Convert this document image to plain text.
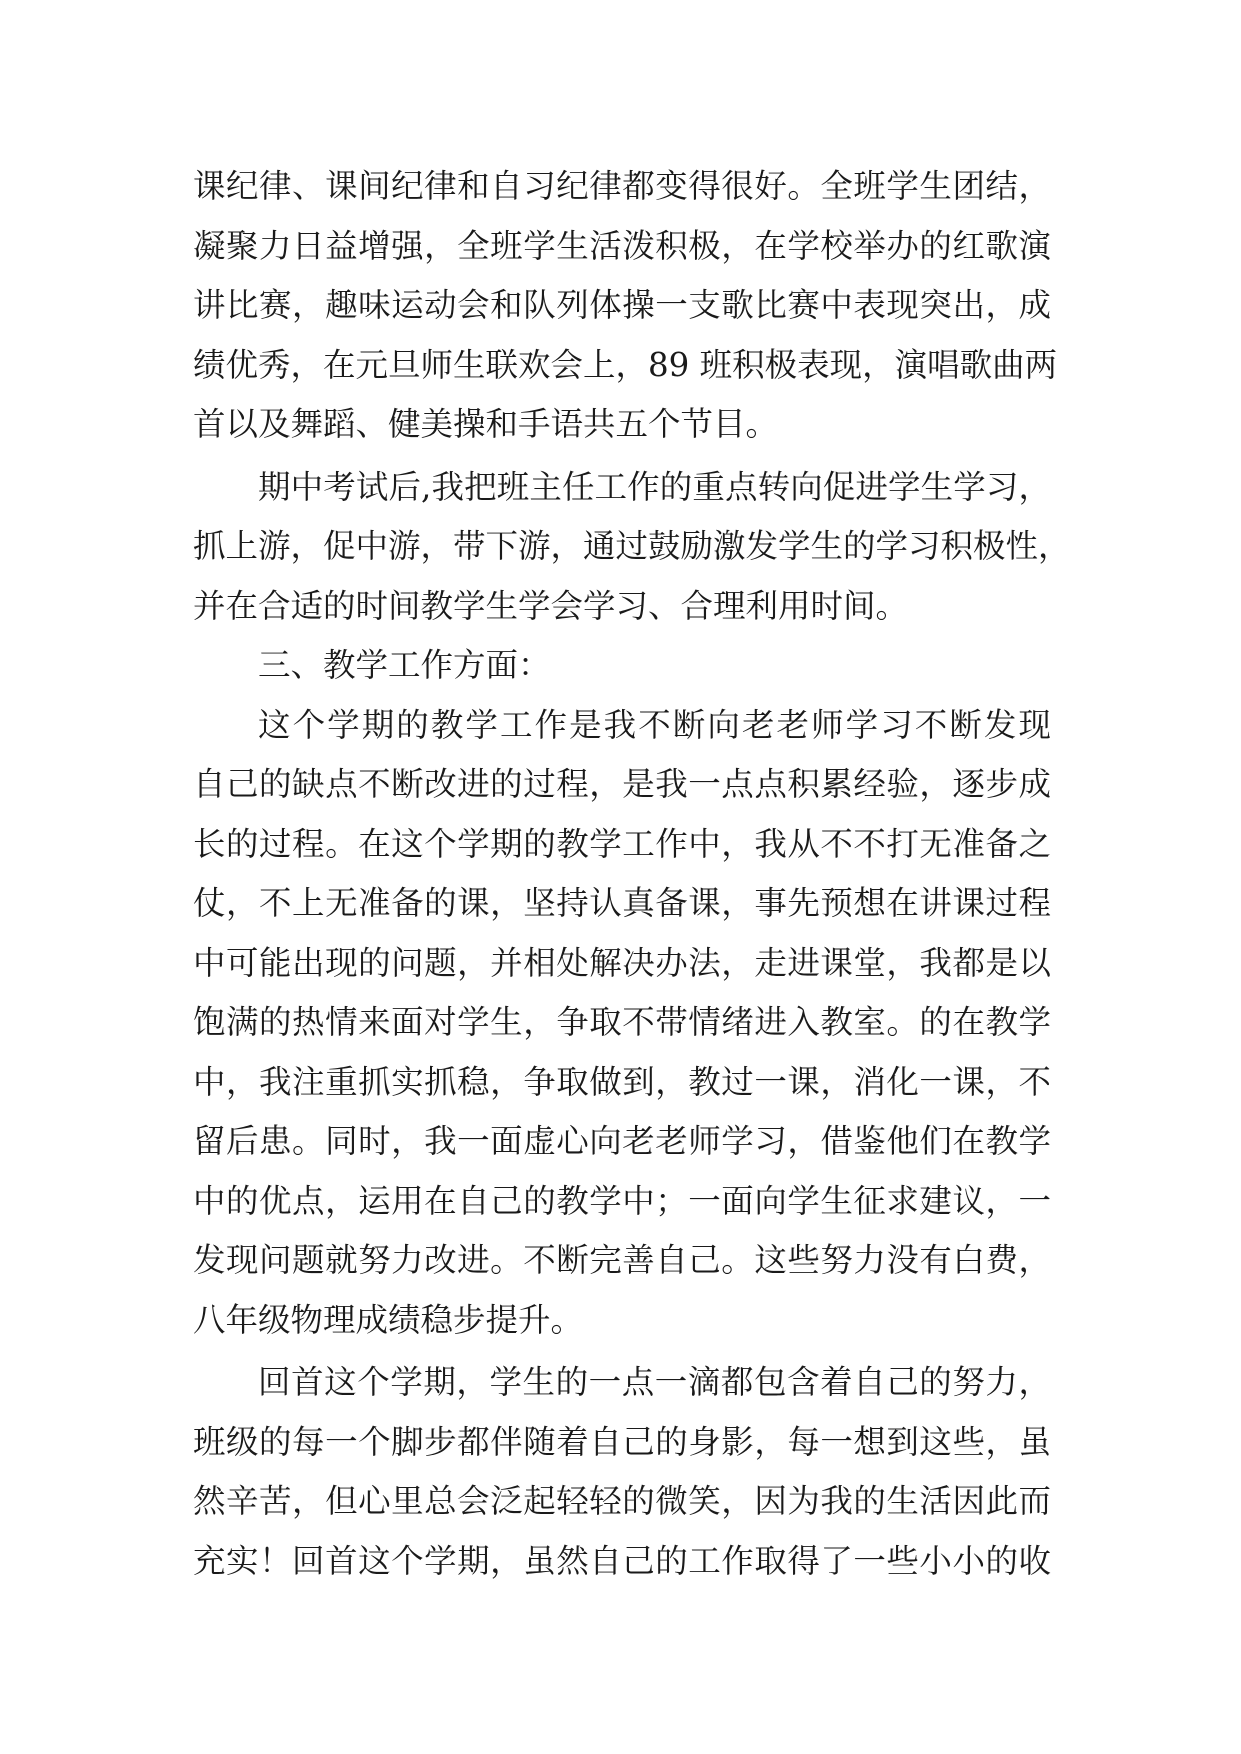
课纪律、课间纪律和自习纪律都变得很好。全班学生团结，
凝聚力日益增强，全班学生活泼积极，在学校举办的红歌演
讲比赛，趣味运动会和队列体操一支歌比赛中表现突出，成
绩优秀，在元旦师生联欢会上，89 班积极表现，演唱歌曲两
首以及舞蹈、健美操和手语共五个节目。
期中考试后,我把班主任工作的重点转向促进学生学习，
抓上游，促中游，带下游，通过鼓励激发学生的学习积极性，
并在合适的时间教学生学会学习、合理利用时间。
三、教学工作方面：
这个学期的教学工作是我不断向老老师学习不断发现
自己的缺点不断改进的过程，是我一点点积累经验，逐步成
长的过程。在这个学期的教学工作中，我从不不打无准备之
仗，不上无准备的课，坚持认真备课，事先预想在讲课过程
中可能出现的问题，并相处解决办法，走进课堂，我都是以
饱满的热情来面对学生，争取不带情绪进入教室。的在教学
中，我注重抓实抓稳，争取做到，教过一课，消化一课，不
留后患。同时，我一面虚心向老老师学习，借鉴他们在教学
中的优点，运用在自己的教学中；一面向学生征求建议，一
发现问题就努力改进。不断完善自己。这些努力没有白费，
八年级物理成绩稳步提升。
回首这个学期，学生的一点一滴都包含着自己的努力，
班级的每一个脚步都伴随着自己的身影，每一想到这些，虽
然辛苦，但心里总会泛起轻轻的微笑，因为我的生活因此而
充实！回首这个学期，虽然自己的工作取得了一些小小的收
